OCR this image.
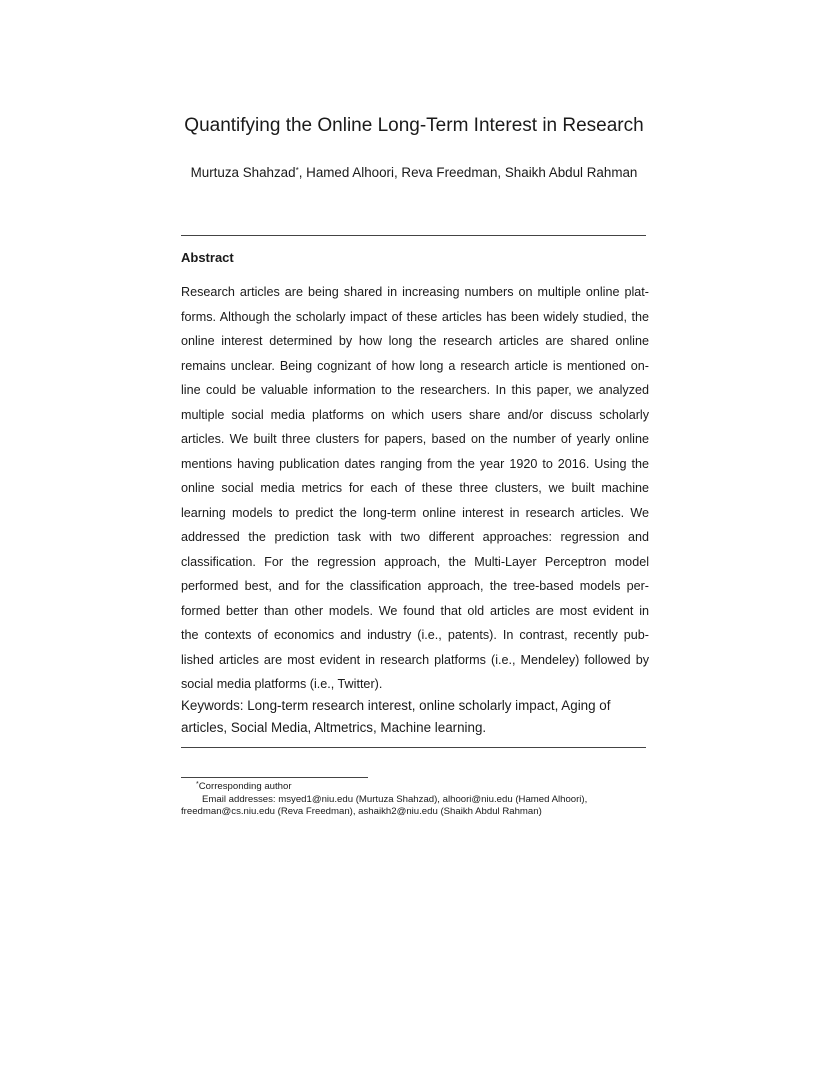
Quantifying the Online Long-Term Interest in Research
Murtuza Shahzad*, Hamed Alhoori, Reva Freedman, Shaikh Abdul Rahman
Abstract
Research articles are being shared in increasing numbers on multiple online plat-
forms. Although the scholarly impact of these articles has been widely studied, the
online interest determined by how long the research articles are shared online
remains unclear. Being cognizant of how long a research article is mentioned on-
line could be valuable information to the researchers. In this paper, we analyzed
multiple social media platforms on which users share and/or discuss scholarly
articles. We built three clusters for papers, based on the number of yearly online
mentions having publication dates ranging from the year 1920 to 2016. Using the
online social media metrics for each of these three clusters, we built machine
learning models to predict the long-term online interest in research articles. We
addressed the prediction task with two different approaches: regression and
classification. For the regression approach, the Multi-Layer Perceptron model
performed best, and for the classification approach, the tree-based models per-
formed better than other models. We found that old articles are most evident in
the contexts of economics and industry (i.e., patents). In contrast, recently pub-
lished articles are most evident in research platforms (i.e., Mendeley) followed by
social media platforms (i.e., Twitter).
Keywords: Long-term research interest, online scholarly impact, Aging of articles, Social Media, Altmetrics, Machine learning.
*Corresponding author
Email addresses: msyed1@niu.edu (Murtuza Shahzad), alhoori@niu.edu (Hamed Alhoori), freedman@cs.niu.edu (Reva Freedman), ashaikh2@niu.edu (Shaikh Abdul Rahman)
